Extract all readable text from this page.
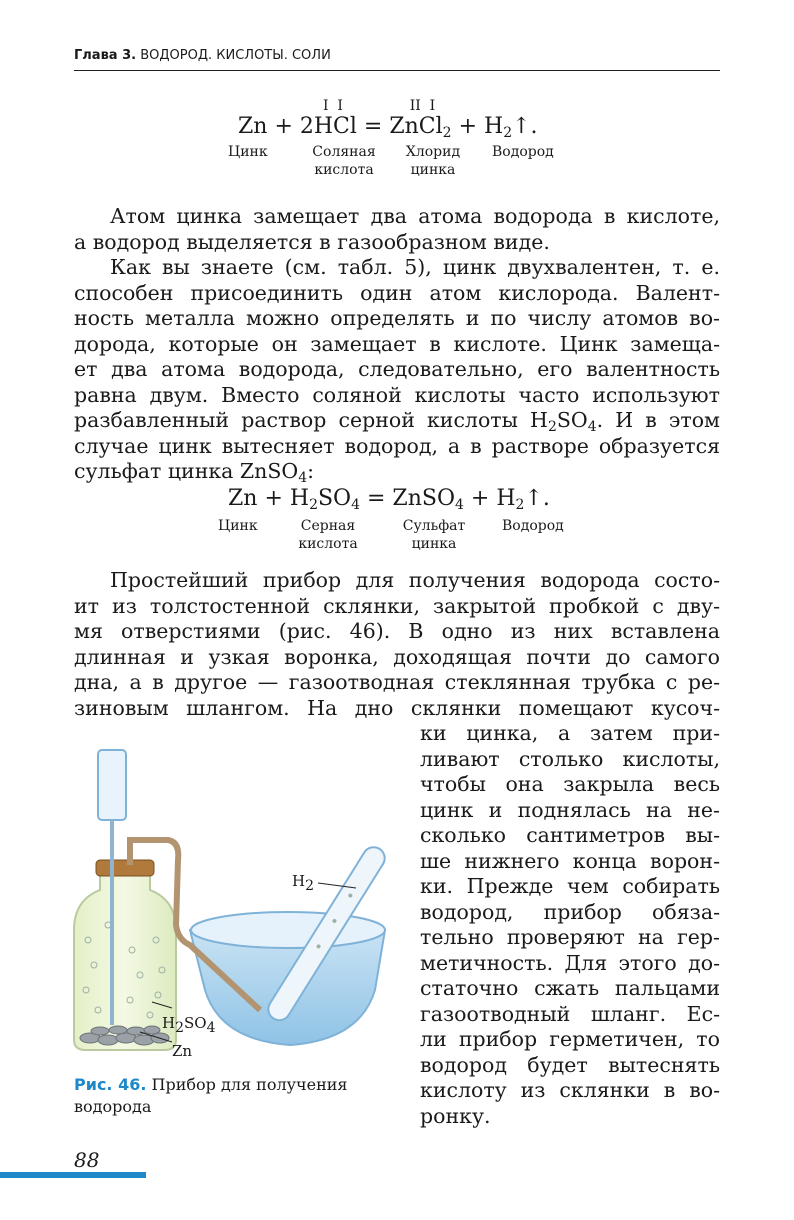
Глава 3. ВОДОРОД. КИСЛОТЫ. СОЛИ
I  I               II  I
Zn + 2HCl = ZnCl$_2$ + $H_2↑$.
Цинк	Соляная
кислота
Хлорид
цинка
Водород
Атом цинка замещает два атома водорода в кислоте,
а водород выделяется в газообразном виде.
Как вы знаете (см. табл. 5), цинк двухвалентен, т. е.
способен присоединить один атом кислорода. Валент-
ность металла можно определять и по числу атомов во-
дорода, которые он замещает в кислоте. Цинк замеща-
ет два атома водорода, следовательно, его валентность
равна двум. Вместо соляной кислоты часто используют
разбавленный раствор серной кислоты $H_2SO_4$. И в этом
случае цинк вытесняет водород, а в растворе образуется
сульфат цинка ZnSO$_4$:
$Zn + H_2SO_4$ = ZnSO$_4$ + $H_2↑$.
Цинк	Серная
кислота
Сульфат
цинка
Водород
Простейший прибор для получения водорода состо-
ит из толстостенной склянки, закрытой пробкой с дву-
мя отверстиями (рис. 46). В одно из них вставлена
длинная и узкая воронка, доходящая почти до самого
дна, а в другое — газоотводная стеклянная трубка с ре-
зиновым шлангом. На дно склянки помещают кусоч-
ки цинка, а затем при-
ливают столько кислоты,
чтобы она закрыла весь
цинк и поднялась на не-
сколько сантиметров вы-
ше нижнего конца ворон-
ки. Прежде чем собирать
водород, прибор обяза-
тельно проверяют на гер-
метичность. Для этого до-
статочно сжать пальцами
газоотводный шланг. Ес-
ли прибор герметичен, то
водород будет вытеснять
кислоту из склянки в во-
ронку.
$H_2$
$H_2SO_4$
Zn
Рис. 46. Прибор для получения
водорода
88
